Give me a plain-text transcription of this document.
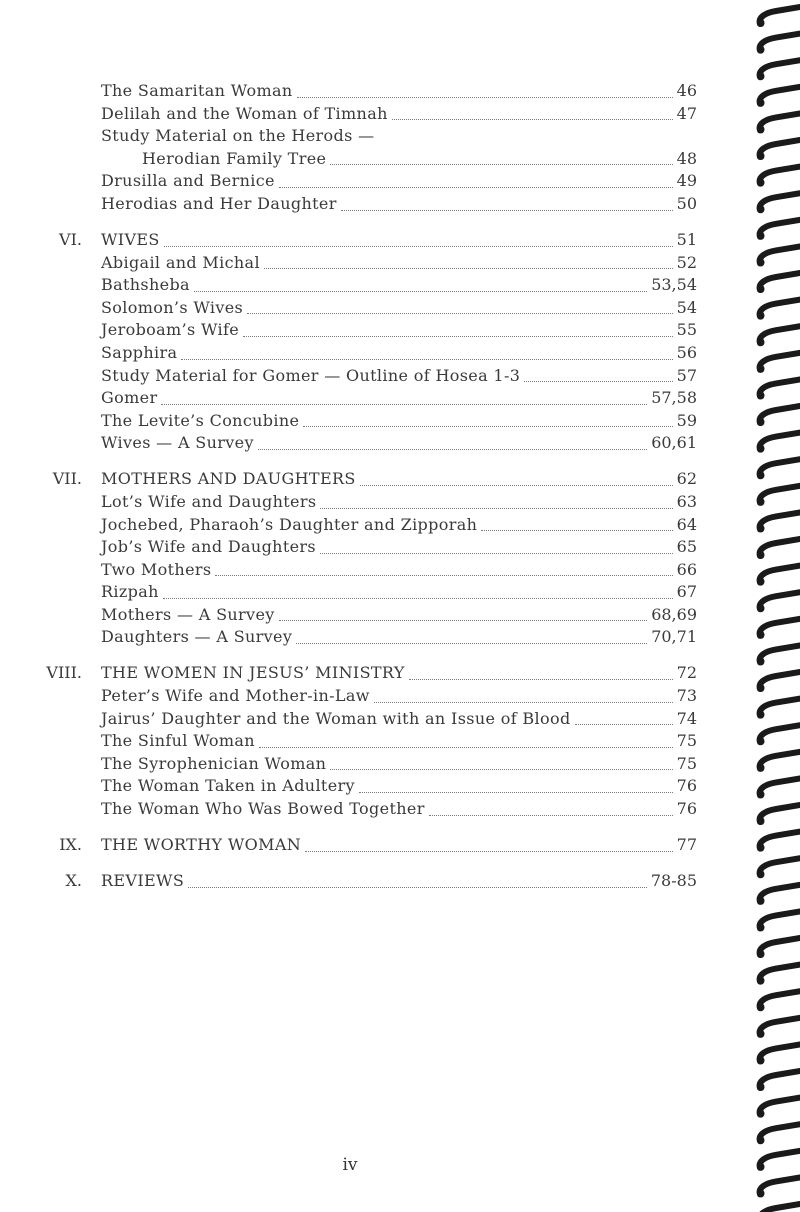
The Samaritan Woman	46
Delilah and the Woman of Timnah	47
Study Material on the Herods —
Herodian Family Tree	48
Drusilla and Bernice	49
Herodias and Her Daughter	50
VI. WIVES	51
Abigail and Michal	52
Bathsheba	53,54
Solomon’s Wives	54
Jeroboam’s Wife	55
Sapphira	56
Study Material for Gomer — Outline of Hosea 1-3	57
Gomer	57,58
The Levite’s Concubine	59
Wives — A Survey	60,61
VII. MOTHERS AND DAUGHTERS	62
Lot’s Wife and Daughters	63
Jochebed, Pharaoh’s Daughter and Zipporah	64
Job’s Wife and Daughters	65
Two Mothers	66
Rizpah	67
Mothers — A Survey	68,69
Daughters — A Survey	70,71
VIII. THE WOMEN IN JESUS’ MINISTRY	72
Peter’s Wife and Mother-in-Law	73
Jairus’ Daughter and the Woman with an Issue of Blood	74
The Sinful Woman	75
The Syrophenician Woman	75
The Woman Taken in Adultery	76
The Woman Who Was Bowed Together	76
IX. THE WORTHY WOMAN	77
X. REVIEWS	78-85
iv
